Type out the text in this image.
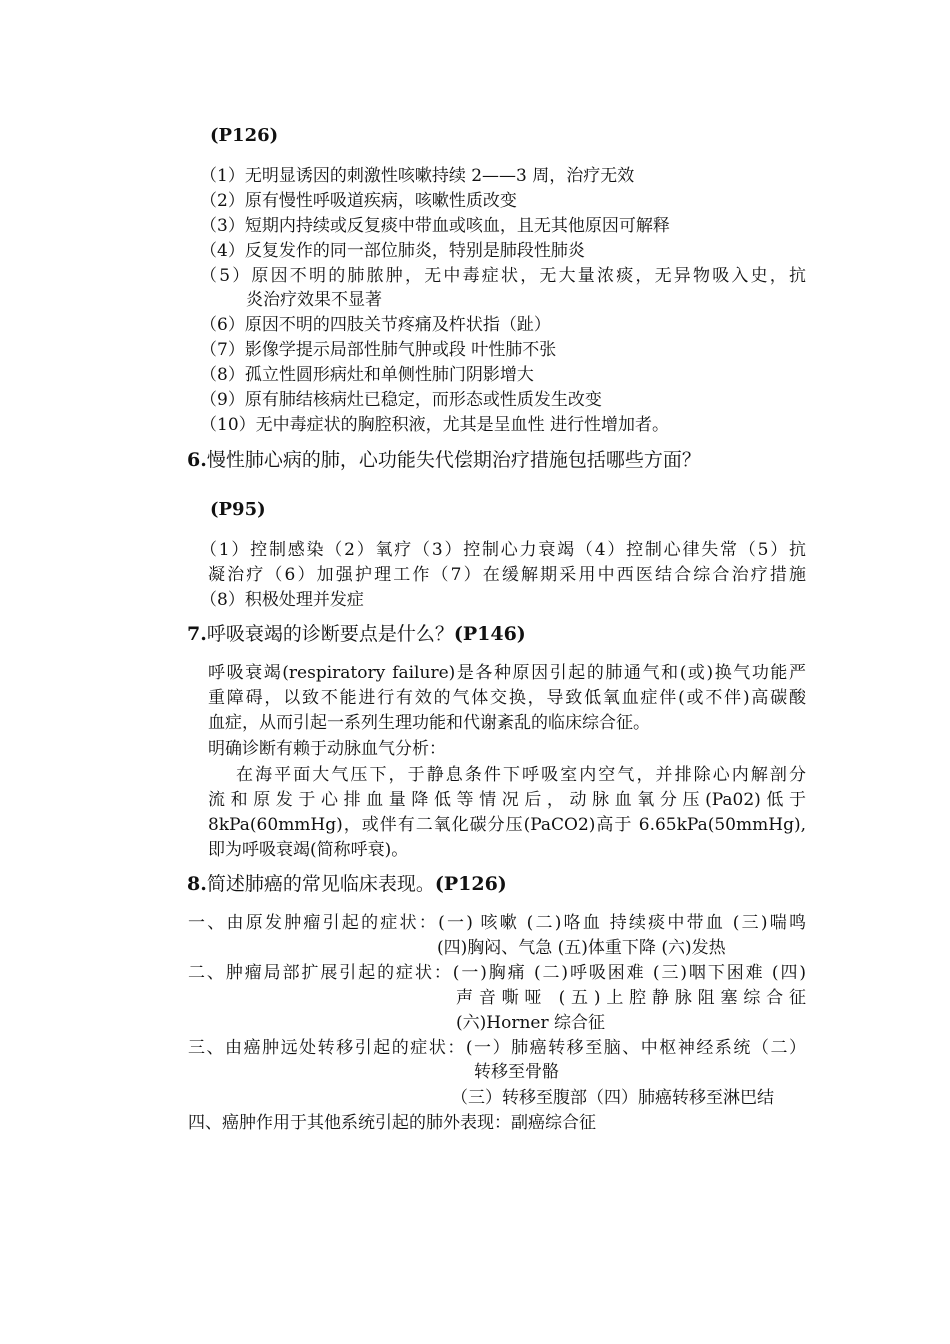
(P126)
（1）无明显诱因的刺激性咳嗽持续 2——3 周，治疗无效
（2）原有慢性呼吸道疾病，咳嗽性质改变
（3）短期内持续或反复痰中带血或咳血，且无其他原因可解释
（4）反复发作的同一部位肺炎，特别是肺段性肺炎
（5）原因不明的肺脓肿，无中毒症状，无大量浓痰，无异物吸入史，抗
炎治疗效果不显著
（6）原因不明的四肢关节疼痛及杵状指（趾）
（7）影像学提示局部性肺气肿或段 叶性肺不张
（8）孤立性圆形病灶和单侧性肺门阴影增大
（9）原有肺结核病灶已稳定，而形态或性质发生改变
（10）无中毒症状的胸腔积液，尤其是呈血性 进行性增加者。
6.慢性肺心病的肺，心功能失代偿期治疗措施包括哪些方面？
(P95)
（1）控制感染（2）氧疗（3）控制心力衰竭（4）控制心律失常（5）抗
凝治疗（6）加强护理工作（7）在缓解期采用中西医结合综合治疗措施
（8）积极处理并发症
7.呼吸衰竭的诊断要点是什么？(P146)
呼吸衰竭(respiratory failure)是各种原因引起的肺通气和(或)换气功能严
重障碍，以致不能进行有效的气体交换，导致低氧血症伴(或不伴)高碳酸
血症，从而引起一系列生理功能和代谢紊乱的临床综合征。
明确诊断有赖于动脉血气分析：
在海平面大气压下，于静息条件下呼吸室内空气，并排除心内解剖分
流和原发于心排血量降低等情况后，动脉血氧分压(Pa02)低于
8kPa(60mmHg)，或伴有二氧化碳分压(PaCO2)高于 6.65kPa(50mmHg),
即为呼吸衰竭(简称呼衰)。
8.简述肺癌的常见临床表现。(P126)
一、由原发肿瘤引起的症状：(一) 咳嗽 (二)咯血 持续痰中带血 (三)喘鸣
(四)胸闷、气急 (五)体重下降 (六)发热
二、肿瘤局部扩展引起的症状：(一)胸痛 (二)呼吸困难 (三)咽下困难 (四)
声音嘶哑 (五)上腔静脉阻塞综合征
(六)Horner 综合征
三、由癌肿远处转移引起的症状：(一）肺癌转移至脑、中枢神经系统（二）
转移至骨骼
（三）转移至腹部（四）肺癌转移至淋巴结
四、癌肿作用于其他系统引起的肺外表现：副癌综合征
